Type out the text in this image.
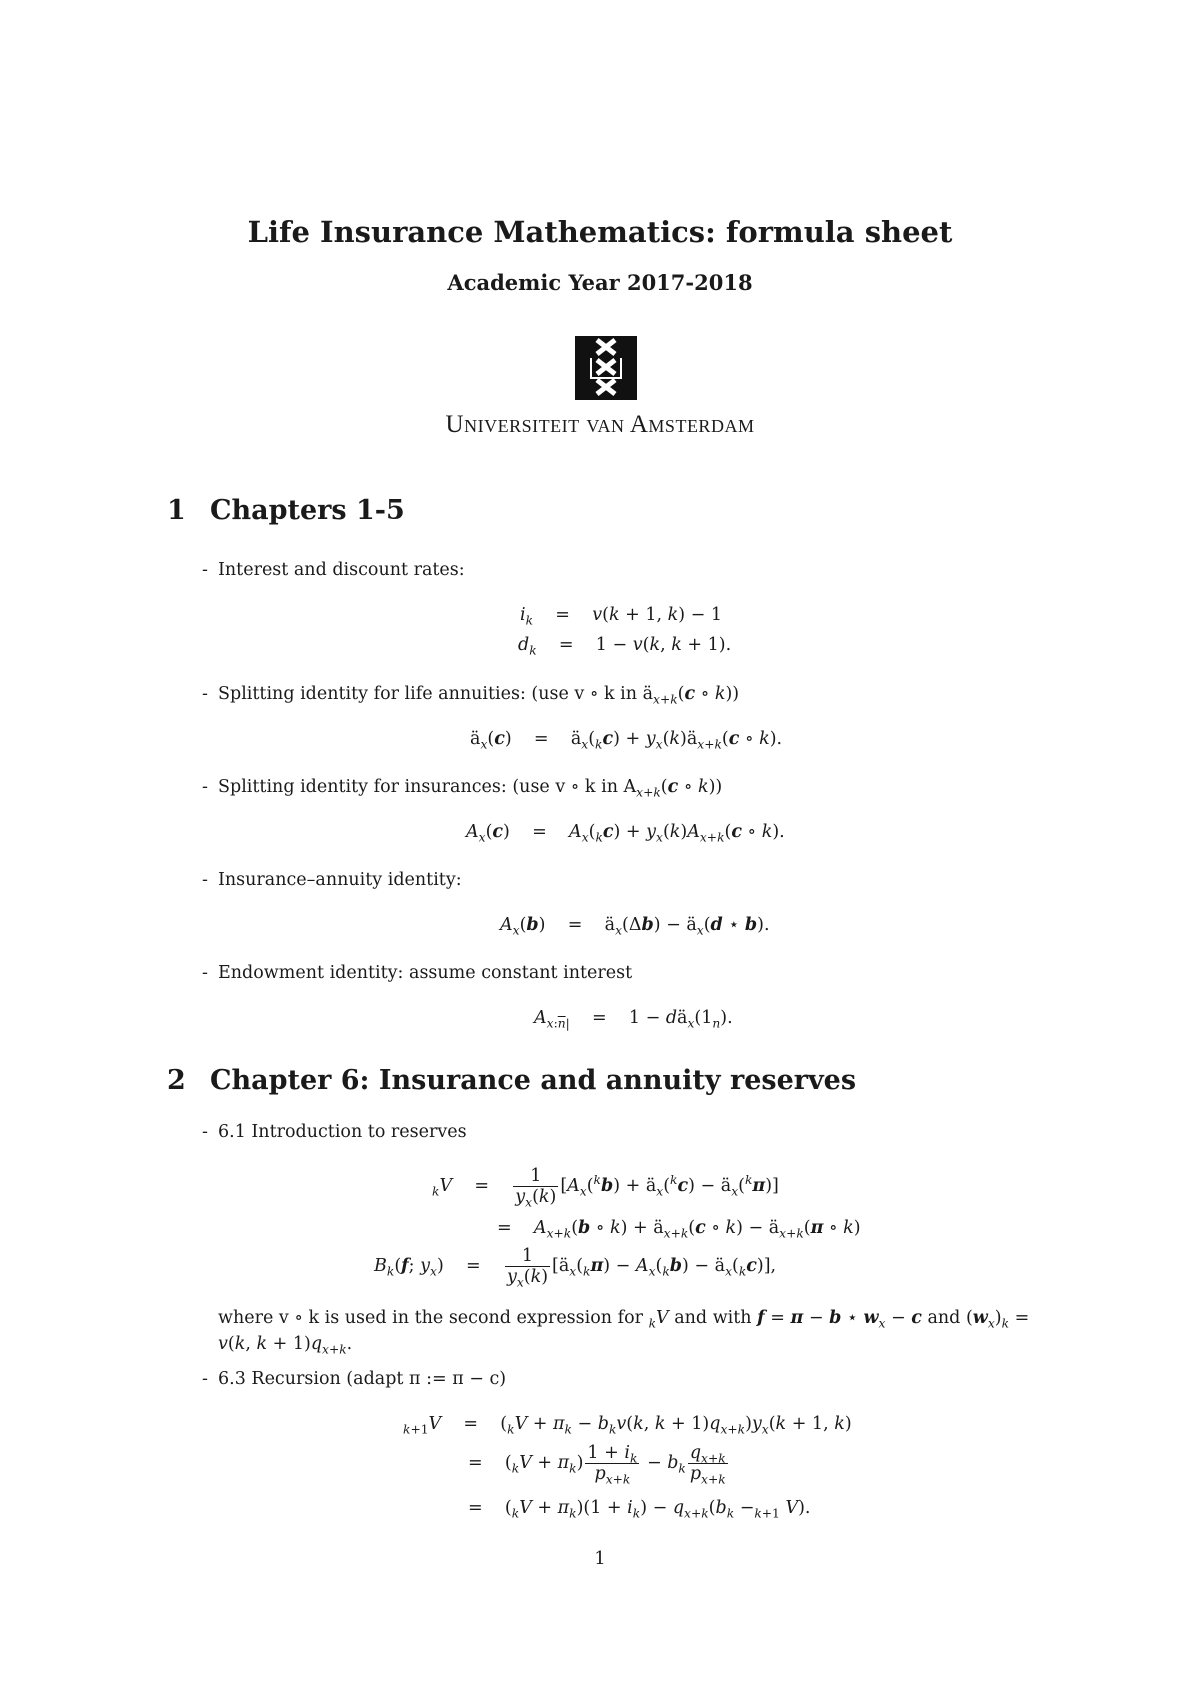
Life Insurance Mathematics: formula sheet
Academic Year 2017-2018
Universiteit van Amsterdam
1 Chapters 1-5
- Interest and discount rates:
$i_k$    =    v(k + 1, k) − 1
$d_k$    =    1 − v(k, k + 1).
- Splitting identity for life annuities: (use v ∘ k in $ä_{x+k}(c$ ∘ k))
$ä_x(c)$    =    $ä_x(_kc)$ + $y_x(k)ä_{x+k}(c$ ∘ k).
- Splitting identity for insurances: (use v ∘ k in $A_{x+k}(c$ ∘ k))
$A_x(c)$    =    $A_x(_kc) + y_x(k)A_{x+k}(c$ ∘ k).
- Insurance–annuity identity:
$A_x(b)$    =    $ä_x(\Delta b)$ − $ä_x(d$ ⋆ b).
- Endowment identity: assume constant interest
$A_{x:\overline{n}|}$    =    $1 - dä_x(1_n)$.
2 Chapter 6: Insurance and annuity reserves
- 6.1 Introduction to reserves
$_k$V    = $\frac{1}{y_x(k)} [A_x(^kb)$ + $ä_x(^kc)$ − $ä_x(^k\pi)$]
=    $A_{x+k}(b$ ∘ $k) + ä_{x+k}(c$ ∘ $k) - ä_{x+k}(\pi$ ∘ k)
$B_k(f$; $y_x$)    = $\frac{1}{y_x(k)}$ [$ä_x(_k\pi) - A_x(_kb)$ − $ä_x(_kc)$],
where v ∘ k is used in the second expression for $_k$V and with f = π − b ⋆ $w_x - c$ and $(w_x)_k = v(k$, $k + 1)q_{x+k}$.
- 6.3 Recursion (adapt π := π − c)
$_{k+1}$V    =    ($_kV + \pi_k - b_kv(k$, $k + 1)q_{x+k})y_x(k + 1$, k)
=    $(_kV + \pi_k) \frac{1 + i_k}{p_{x+k}} - b_k \frac{q_{x+k}}{p_{x+k}}$
=    $(_kV + \pi_k)(1 + i_k) - q_{x+k}(b_k -_{k+1}$ V).
1
